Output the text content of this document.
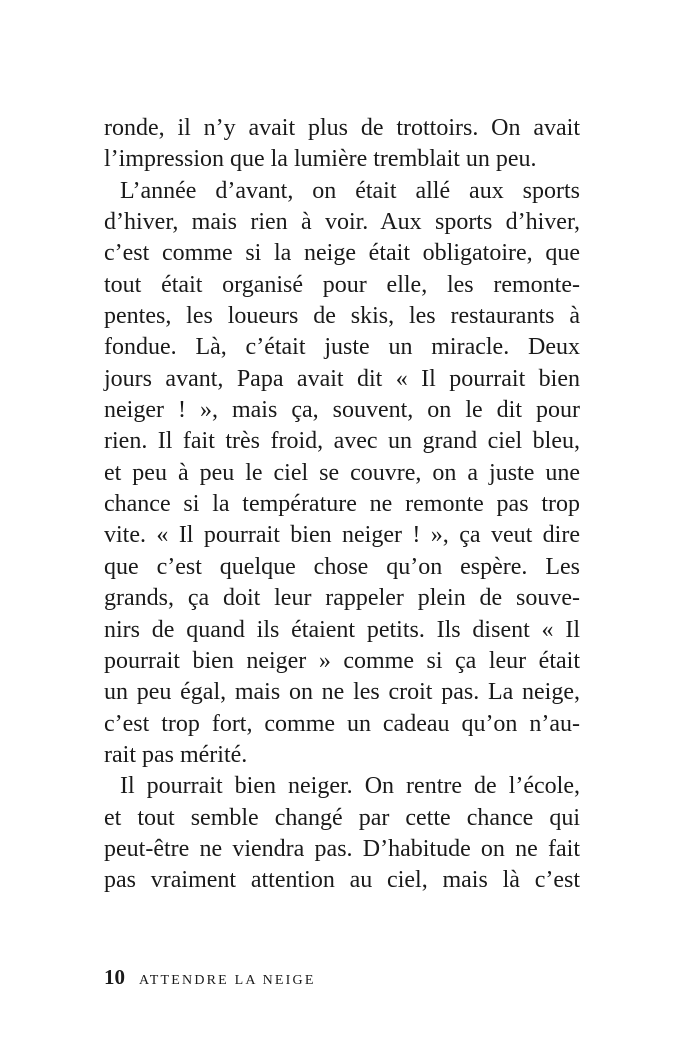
ronde, il n’y avait plus de trottoirs. On avait
l’impression que la lumière tremblait un peu.
L’année d’avant, on était allé aux sports
d’hiver, mais rien à voir. Aux sports d’hiver,
c’est comme si la neige était obligatoire, que
tout était organisé pour elle, les remonte-
pentes, les loueurs de skis, les restaurants à
fondue. Là, c’était juste un miracle. Deux
jours avant, Papa avait dit « Il pourrait bien
neiger ! », mais ça, souvent, on le dit pour
rien. Il fait très froid, avec un grand ciel bleu,
et peu à peu le ciel se couvre, on a juste une
chance si la température ne remonte pas trop
vite. « Il pourrait bien neiger ! », ça veut dire
que c’est quelque chose qu’on espère. Les
grands, ça doit leur rappeler plein de souve-
nirs de quand ils étaient petits. Ils disent « Il
pourrait bien neiger » comme si ça leur était
un peu égal, mais on ne les croit pas. La neige,
c’est trop fort, comme un cadeau qu’on n’au-
rait pas mérité.
Il pourrait bien neiger. On rentre de l’école,
et tout semble changé par cette chance qui
peut-être ne viendra pas. D’habitude on ne fait
pas vraiment attention au ciel, mais là c’est
10 ATTENDRE LA NEIGE
